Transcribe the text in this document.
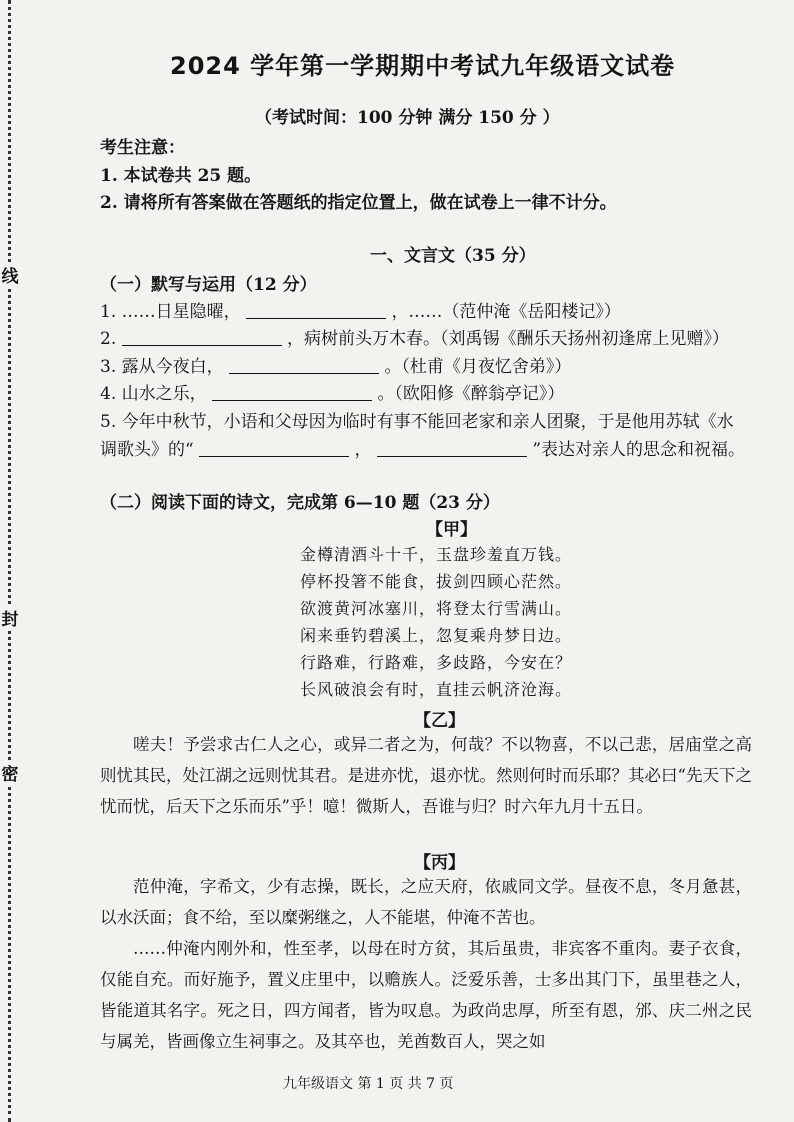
线
封
密
2024 学年第一学期期中考试九年级语文试卷
（考试时间：100 分钟 满分 150 分 ）
考生注意：
1. 本试卷共 25 题。
2. 请将所有答案做在答题纸的指定位置上，做在试卷上一律不计分。
一、文言文（35 分）
（一）默写与运用（12 分）
1. ……日星隐曜，	，……（范仲淹《岳阳楼记》）
2.	，病树前头万木春。（刘禹锡《酬乐天扬州初逢席上见赠》）
3. 露从今夜白，	。（杜甫《月夜忆舍弟》）
4. 山水之乐，	。（欧阳修《醉翁亭记》）
5. 今年中秋节，小语和父母因为临时有事不能回老家和亲人团聚，于是他用苏轼《水
调歌头》的“	，	”表达对亲人的思念和祝福。
（二）阅读下面的诗文，完成第 6—10 题（23 分）
【甲】
金樽清酒斗十千，玉盘珍羞直万钱。
停杯投箸不能食，拔剑四顾心茫然。
欲渡黄河冰塞川，将登太行雪满山。
闲来垂钓碧溪上，忽复乘舟梦日边。
行路难，行路难，多歧路，今安在？
长风破浪会有时，直挂云帆济沧海。
【乙】

嗟夫！予尝求古仁人之心，或异二者之为，何哉？不以物喜，不以己悲，居庙堂之高则忧其民，处江湖之远则忧其君。是进亦忧，退亦忧。然则何时而乐耶？其必曰“先天下之忧而忧，后天下之乐而乐”乎！噫！微斯人，吾谁与归？时六年九月十五日。

【丙】

范仲淹，字希文，少有志操，既长，之应天府，依戚同文学。昼夜不息，冬月惫甚，以水沃面；食不给，至以糜粥继之，人不能堪，仲淹不苦也。

……仲淹内刚外和，性至孝，以母在时方贫，其后虽贵，非宾客不重肉。妻子衣食，仅能自充。而好施予，置义庄里中，以赡族人。泛爱乐善，士多出其门下，虽里巷之人，皆能道其名字。死之日，四方闻者，皆为叹息。为政尚忠厚，所至有恩，邠、庆二州之民与属羌，皆画像立生祠事之。及其卒也，羌酋数百人，哭之如

九年级语文 第 1 页 共 7 页
